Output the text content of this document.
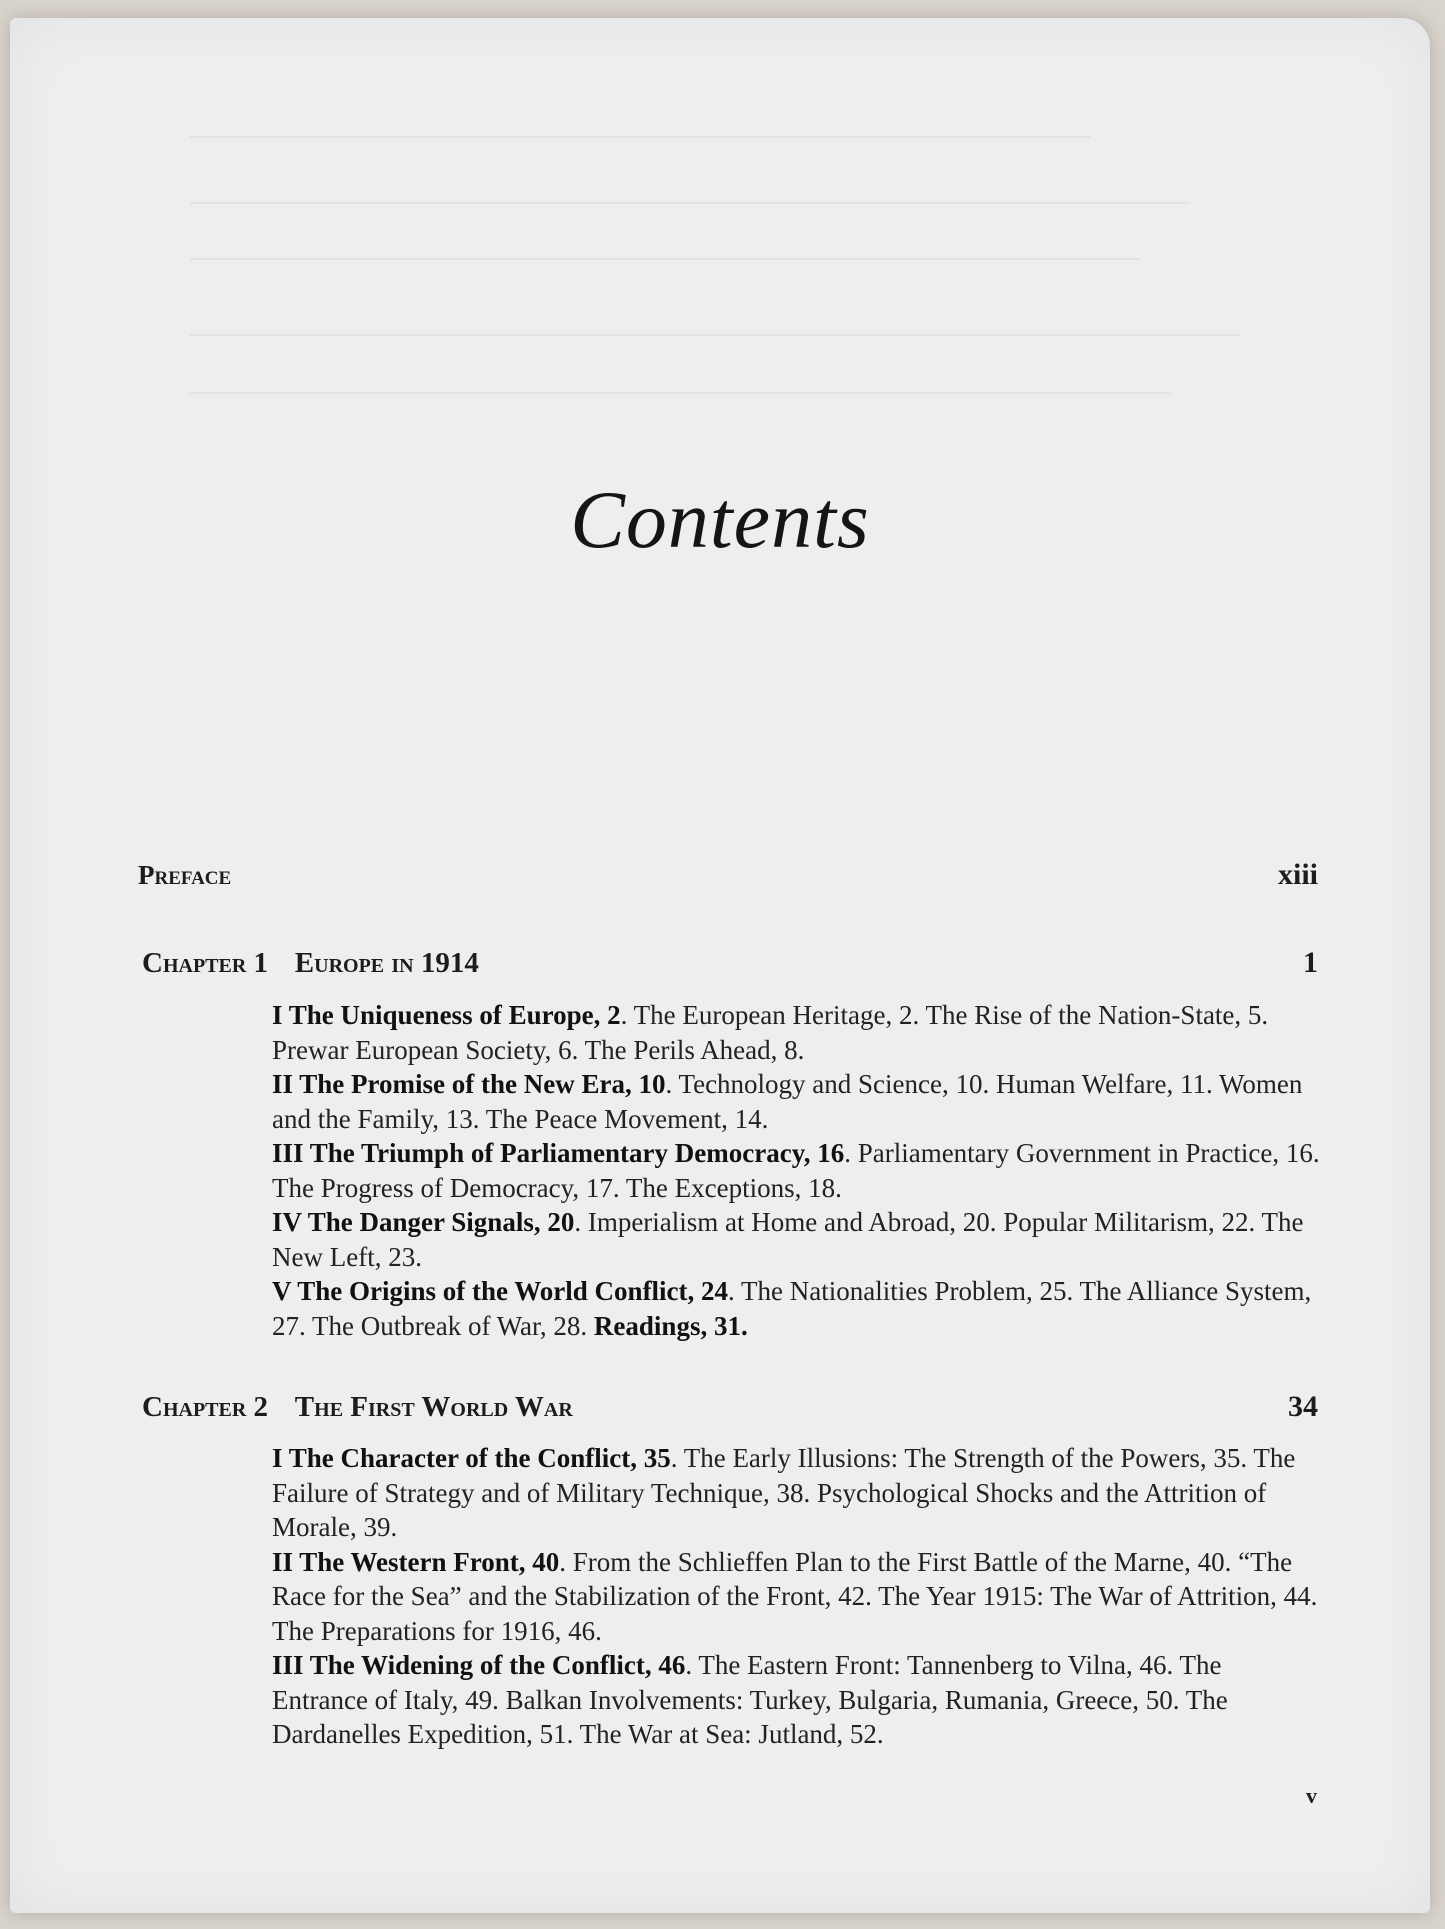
Contents
Preface	xiii
Chapter 1 Europe in 1914	1

I The Uniqueness of Europe, 2. The European Heritage, 2. The Rise of the Nation-State, 5. Prewar European Society, 6. The Perils Ahead, 8.

II The Promise of the New Era, 10. Technology and Science, 10. Human Welfare, 11. Women and the Family, 13. The Peace Movement, 14.

III The Triumph of Parliamentary Democracy, 16. Parliamentary Government in Practice, 16. The Progress of Democracy, 17. The Exceptions, 18.

IV The Danger Signals, 20. Imperialism at Home and Abroad, 20. Popular Militarism, 22. The New Left, 23.

V The Origins of the World Conflict, 24. The Nationalities Problem, 25. The Alliance System, 27. The Outbreak of War, 28. Readings, 31.

Chapter 2 The First World War	34

I The Character of the Conflict, 35. The Early Illusions: The Strength of the Powers, 35. The Failure of Strategy and of Military Technique, 38. Psychological Shocks and the Attrition of Morale, 39.

II The Western Front, 40. From the Schlieffen Plan to the First Battle of the Marne, 40. “The Race for the Sea” and the Stabilization of the Front, 42. The Year 1915: The War of Attrition, 44. The Preparations for 1916, 46.

III The Widening of the Conflict, 46. The Eastern Front: Tannenberg to Vilna, 46. The Entrance of Italy, 49. Balkan Involvements: Turkey, Bulgaria, Rumania, Greece, 50. The Dardanelles Expedition, 51. The War at Sea: Jutland, 52.

v
